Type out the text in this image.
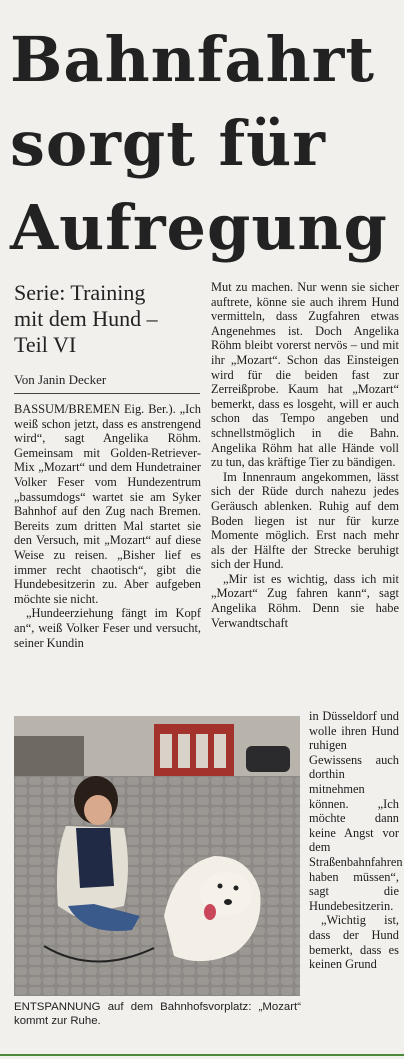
Bahnfahrt
sorgt für
Aufregung
Serie: Training
mit dem Hund –
Teil VI
Von Janin Decker

BASSUM/BREMEN Eig. Ber.). „Ich weiß schon jetzt, dass es anstrengend wird“, sagt Angelika Röhm. Gemeinsam mit Golden-Retriever-Mix „Mozart“ und dem Hundetrainer Volker Feser vom Hundezentrum „bassumdogs“ wartet sie am Syker Bahnhof auf den Zug nach Bremen. Bereits zum dritten Mal startet sie den Versuch, mit „Mozart“ auf diese Weise zu reisen. „Bisher lief es immer recht chaotisch“, gibt die Hundebesitzerin zu. Aber aufgeben möchte sie nicht.

„Hundeerziehung fängt im Kopf an“, weiß Volker Feser und versucht, seiner Kundin

Mut zu machen. Nur wenn sie sicher auftrete, könne sie auch ihrem Hund vermitteln, dass Zugfahren etwas Angenehmes ist. Doch Angelika Röhm bleibt vorerst nervös – und mit ihr „Mozart“. Schon das Einsteigen wird für die beiden fast zur Zerreißprobe. Kaum hat „Mozart“ bemerkt, dass es losgeht, will er auch schon das Tempo angeben und schnellstmöglich in die Bahn. Angelika Röhm hat alle Hände voll zu tun, das kräftige Tier zu bändigen.

Im Innenraum angekommen, lässt sich der Rüde durch nahezu jedes Geräusch ablenken. Ruhig auf dem Boden liegen ist nur für kurze Momente möglich. Erst nach mehr als der Hälfte der Strecke beruhigt sich der Hund.

„Mir ist es wichtig, dass ich mit „Mozart“ Zug fahren kann“, sagt Angelika Röhm. Denn sie habe Verwandtschaft

in Düsseldorf und wolle ihren Hund ruhigen Gewissens auch dorthin mitnehmen können. „Ich möchte dann keine Angst vor dem Straßenbahnfahren haben müssen“, sagt die Hundebesitzerin.

„Wichtig ist, dass der Hund bemerkt, dass es keinen Grund

ENTSPANNUNG auf dem Bahnhofsvorplatz: „Mozart“ kommt zur Ruhe.
